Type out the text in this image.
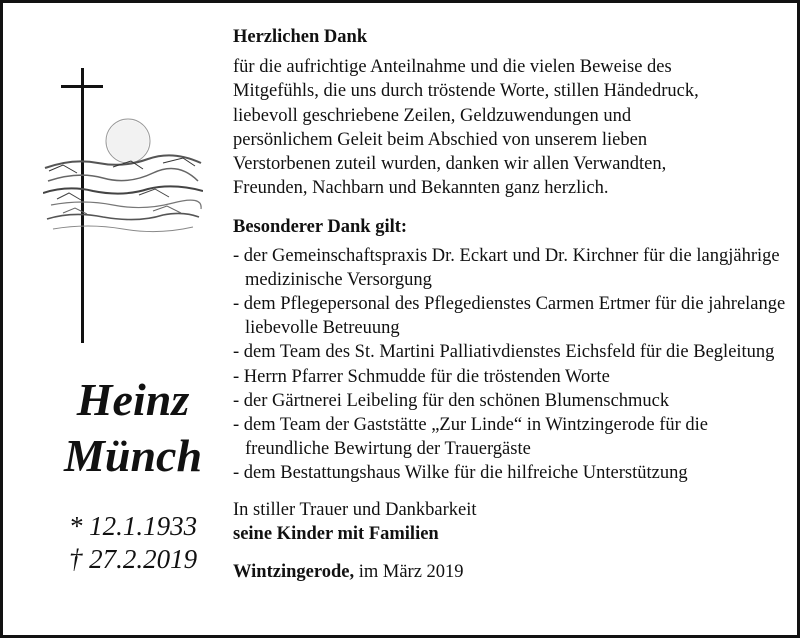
Heinz
Münch
* 12.1.1933
† 27.2.2019
Herzlichen Dank
für die aufrichtige Anteilnahme und die vielen Beweise des
Mitgefühls, die uns durch tröstende Worte, stillen Händedruck,
liebevoll geschriebene Zeilen, Geldzuwendungen und
persönlichem Geleit beim Abschied von unserem lieben
Verstorbenen zuteil wurden, danken wir allen Verwandten,
Freunden, Nachbarn und Bekannten ganz herzlich.
Besonderer Dank gilt:
- der Gemeinschaftspraxis Dr. Eckart und Dr. Kirchner für die langjährige medizinische Versorgung
- dem Pflegepersonal des Pflegedienstes Carmen Ertmer für die jahrelange liebevolle Betreuung
- dem Team des St. Martini Palliativdienstes Eichsfeld für die Begleitung
- Herrn Pfarrer Schmudde für die tröstenden Worte
- der Gärtnerei Leibeling für den schönen Blumenschmuck
- dem Team der Gaststätte „Zur Linde“ in Wintzingerode für die freundliche Bewirtung der Trauergäste
- dem Bestattungshaus Wilke für die hilfreiche Unterstützung
In stiller Trauer und Dankbarkeit
seine Kinder mit Familien
Wintzingerode, im März 2019
